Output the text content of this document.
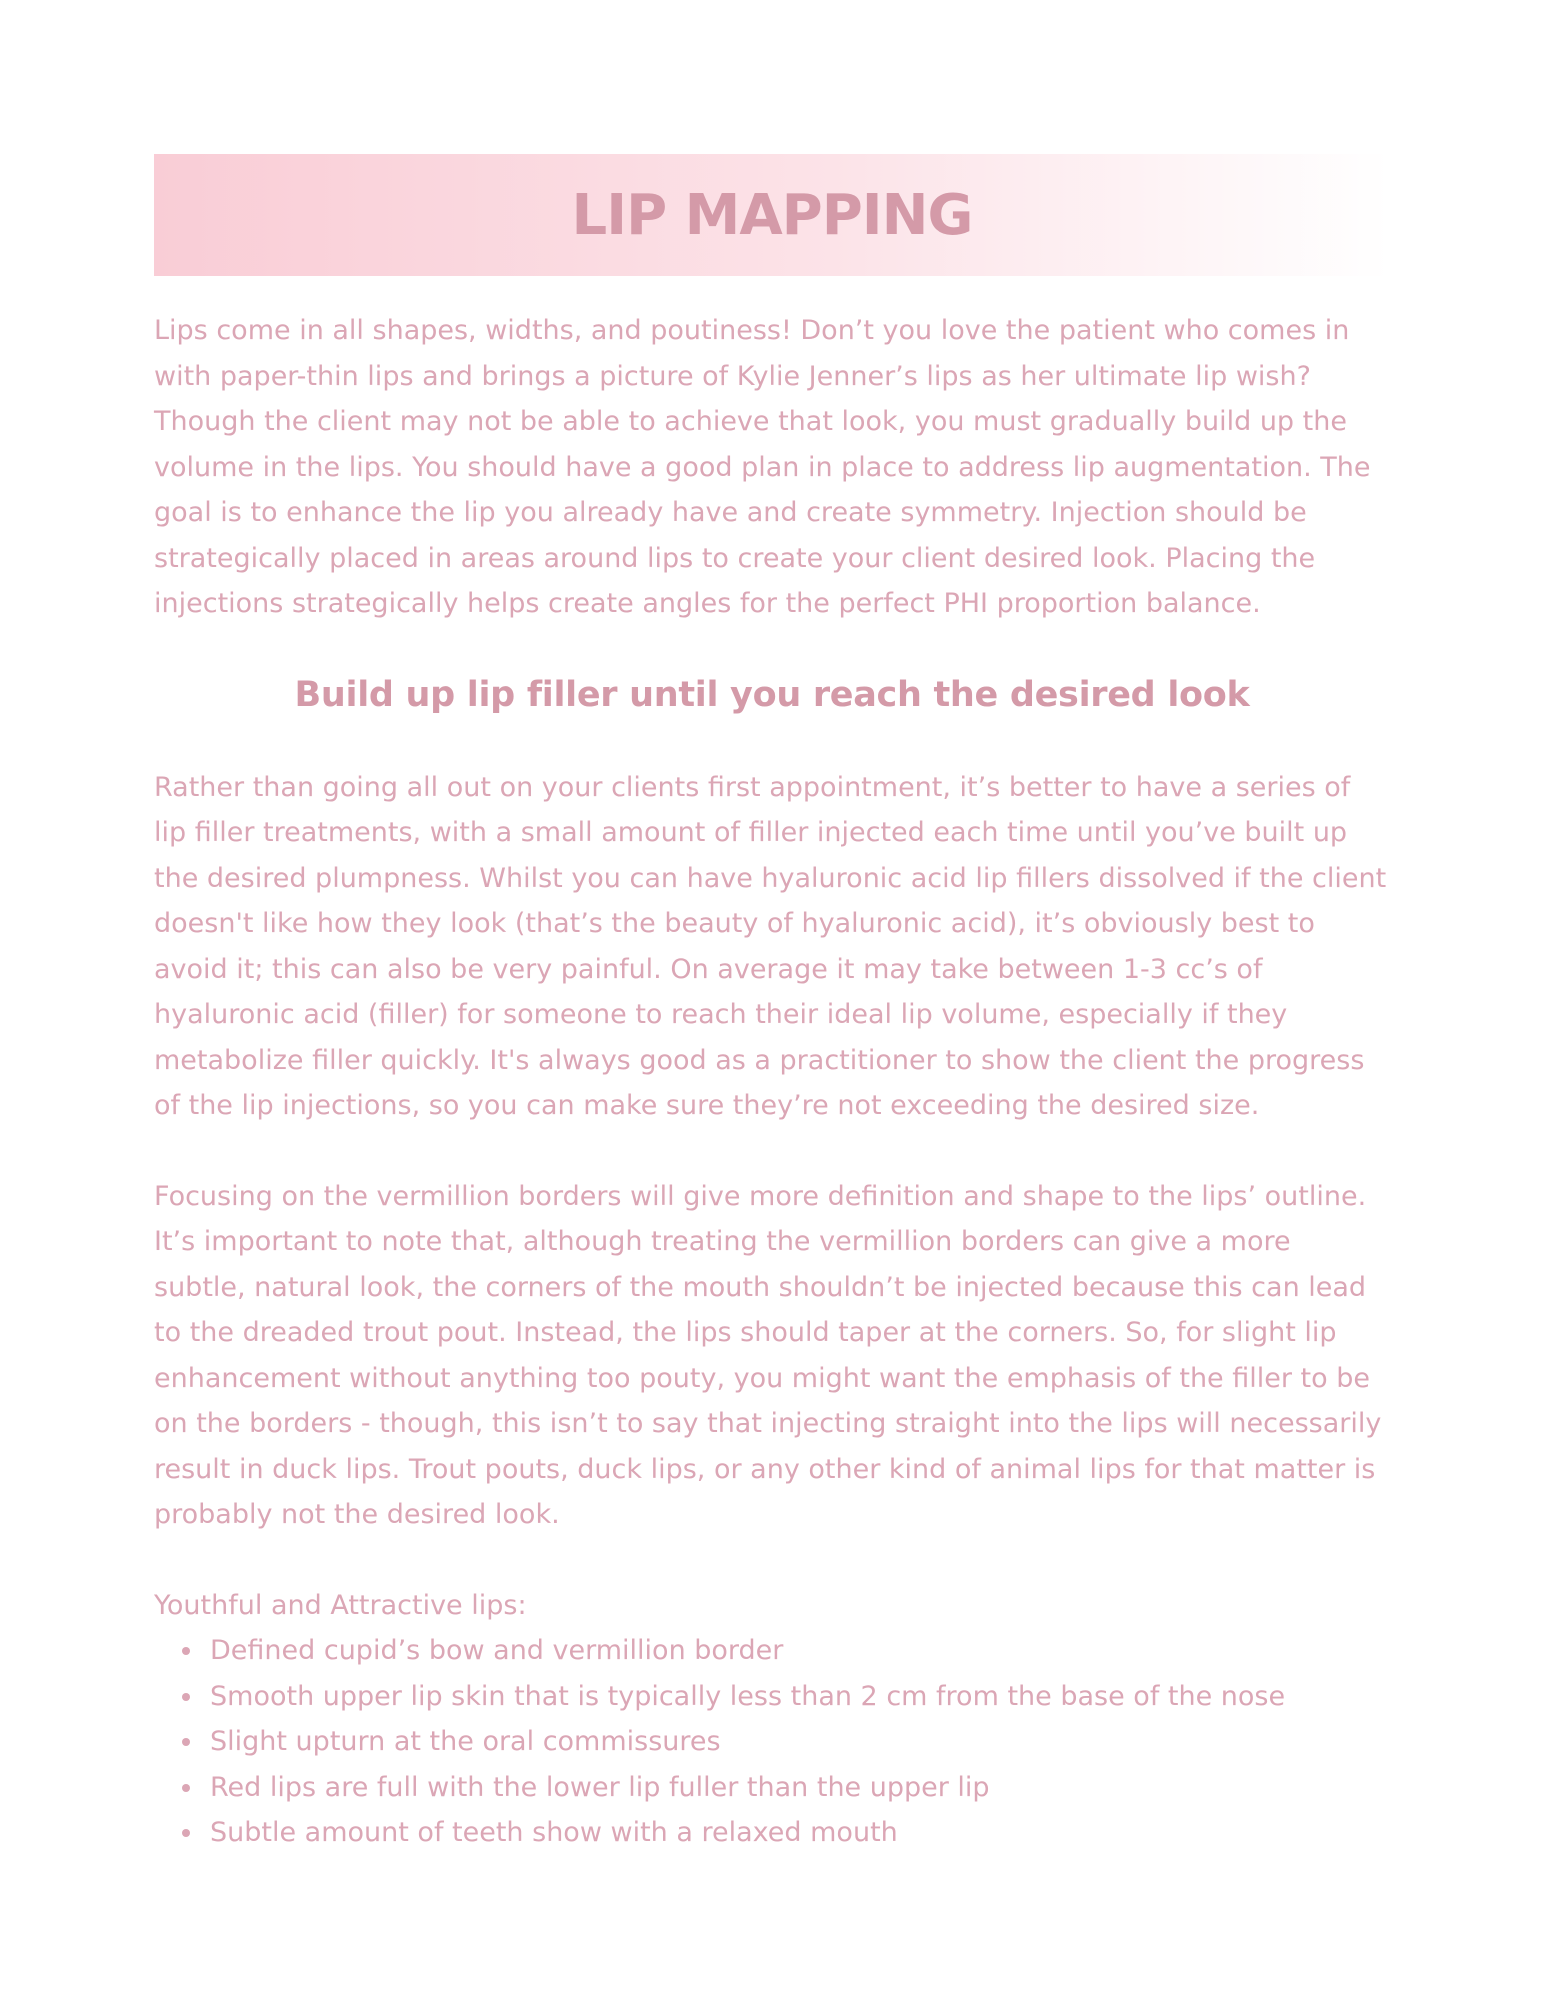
LIP MAPPING

Lips come in all shapes, widths, and poutiness! Don’t you love the patient who comes in with paper-thin lips and brings a picture of Kylie Jenner’s lips as her ultimate lip wish? Though the client may not be able to achieve that look, you must gradually build up the volume in the lips. You should have a good plan in place to address lip augmentation. The goal is to enhance the lip you already have and create symmetry. Injection should be strategically placed in areas around lips to create your client desired look. Placing the injections strategically helps create angles for the perfect PHI proportion balance.

Build up lip filler until you reach the desired look

Rather than going all out on your clients first appointment, it’s better to have a series of lip filler treatments, with a small amount of filler injected each time until you’ve built up the desired plumpness. Whilst you can have hyaluronic acid lip fillers dissolved if the client doesn't like how they look (that’s the beauty of hyaluronic acid), it’s obviously best to avoid it; this can also be very painful. On average it may take between 1-3 cc’s of hyaluronic acid (filler) for someone to reach their ideal lip volume, especially if they metabolize filler quickly. It's always good as a practitioner to show the client the progress of the lip injections, so you can make sure they’re not exceeding the desired size.

Focusing on the vermillion borders will give more definition and shape to the lips’ outline. It’s important to note that, although treating the vermillion borders can give a more subtle, natural look, the corners of the mouth shouldn’t be injected because this can lead to the dreaded trout pout. Instead, the lips should taper at the corners. So, for slight lip enhancement without anything too pouty, you might want the emphasis of the filler to be on the borders - though, this isn’t to say that injecting straight into the lips will necessarily result in duck lips. Trout pouts, duck lips, or any other kind of animal lips for that matter is probably not the desired look.

Youthful and Attractive lips:

Defined cupid’s bow and vermillion border
Smooth upper lip skin that is typically less than 2 cm from the base of the nose
Slight upturn at the oral commissures
Red lips are full with the lower lip fuller than the upper lip
Subtle amount of teeth show with a relaxed mouth
